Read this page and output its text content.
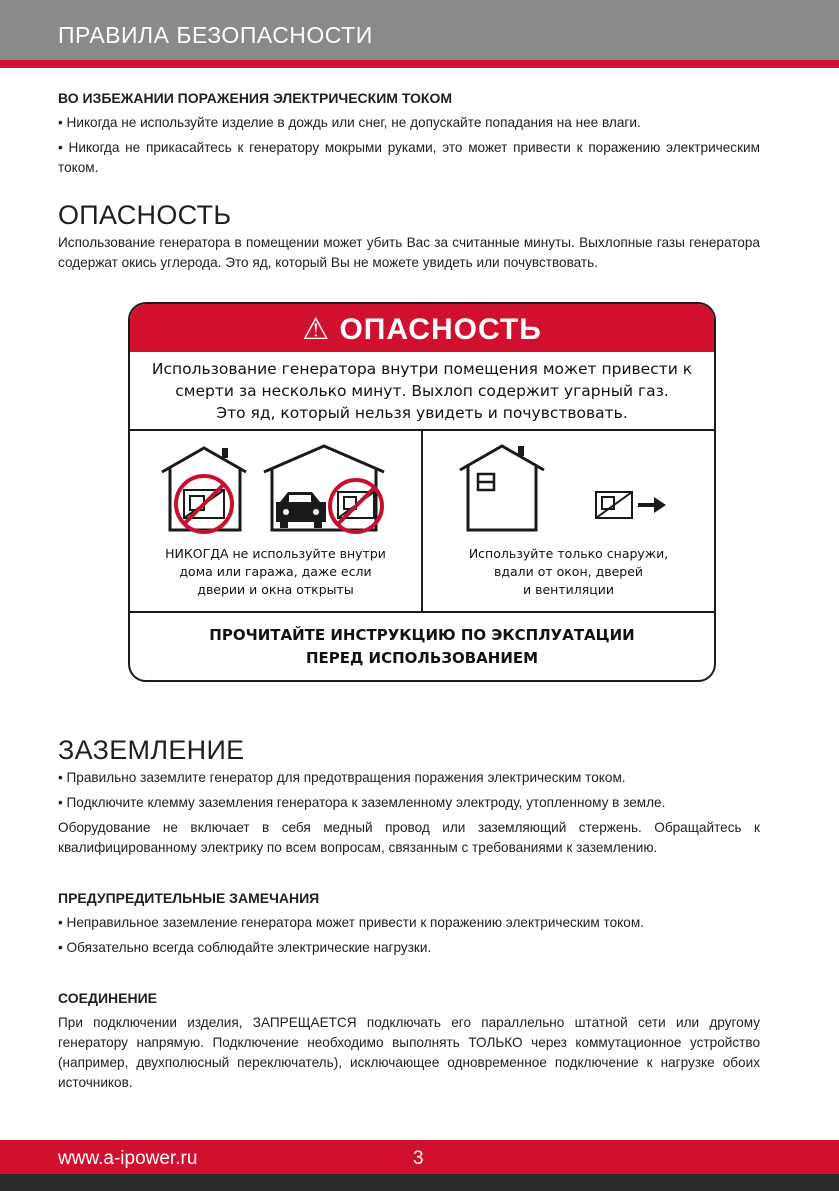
ПРАВИЛА БЕЗОПАСНОСТИ
ВО ИЗБЕЖАНИИ ПОРАЖЕНИЯ ЭЛЕКТРИЧЕСКИМ ТОКОМ

• Никогда не используйте изделие в дождь или снег, не допускайте попадания на нее влаги.

• Никогда не прикасайтесь к генератору мокрыми руками, это может привести к поражению электрическим током.

ОПАСНОСТЬ

Использование генератора в помещении может убить Вас за считанные минуты. Выхлопные газы генератора содержат окись углерода. Это яд, который Вы не можете увидеть или почувствовать.

⚠ ОПАСНОСТЬ
Использование генератора внутри помещения может привести к
смерти за несколько минут. Выхлоп содержит угарный газ.
Это яд, который нельзя увидеть и почувствовать.
НИКОГДА не используйте внутри
дома или гаража, даже если
дверии и окна открыты
Используйте только снаружи,
вдали от окон, дверей
и вентиляции
ПРОЧИТАЙТЕ ИНСТРУКЦИЮ ПО ЭКСПЛУАТАЦИИ
ПЕРЕД ИСПОЛЬЗОВАНИЕМ
ЗАЗЕМЛЕНИЕ

• Правильно заземлите генератор для предотвращения поражения электрическим током.

• Подключите клемму заземления генератора к заземленному электроду, утопленному в земле.

Оборудование не включает в себя медный провод или заземляющий стержень. Обращайтесь к квалифицированному электрику по всем вопросам, связанным с требованиями к заземлению.

ПРЕДУПРЕДИТЕЛЬНЫЕ ЗАМЕЧАНИЯ

• Неправильное заземление генератора может привести к поражению электрическим током.

• Обязательно всегда соблюдайте электрические нагрузки.

СОЕДИНЕНИЕ

При подключении изделия, ЗАПРЕЩАЕТСЯ подключать его параллельно штатной сети или другому генератору напрямую. Подключение необходимо выполнять ТОЛЬКО через коммутационное устройство (например, двухполюсный переключатель), исключающее одновременное подключение к нагрузке обоих источников.

www.a-ipower.ru	3
